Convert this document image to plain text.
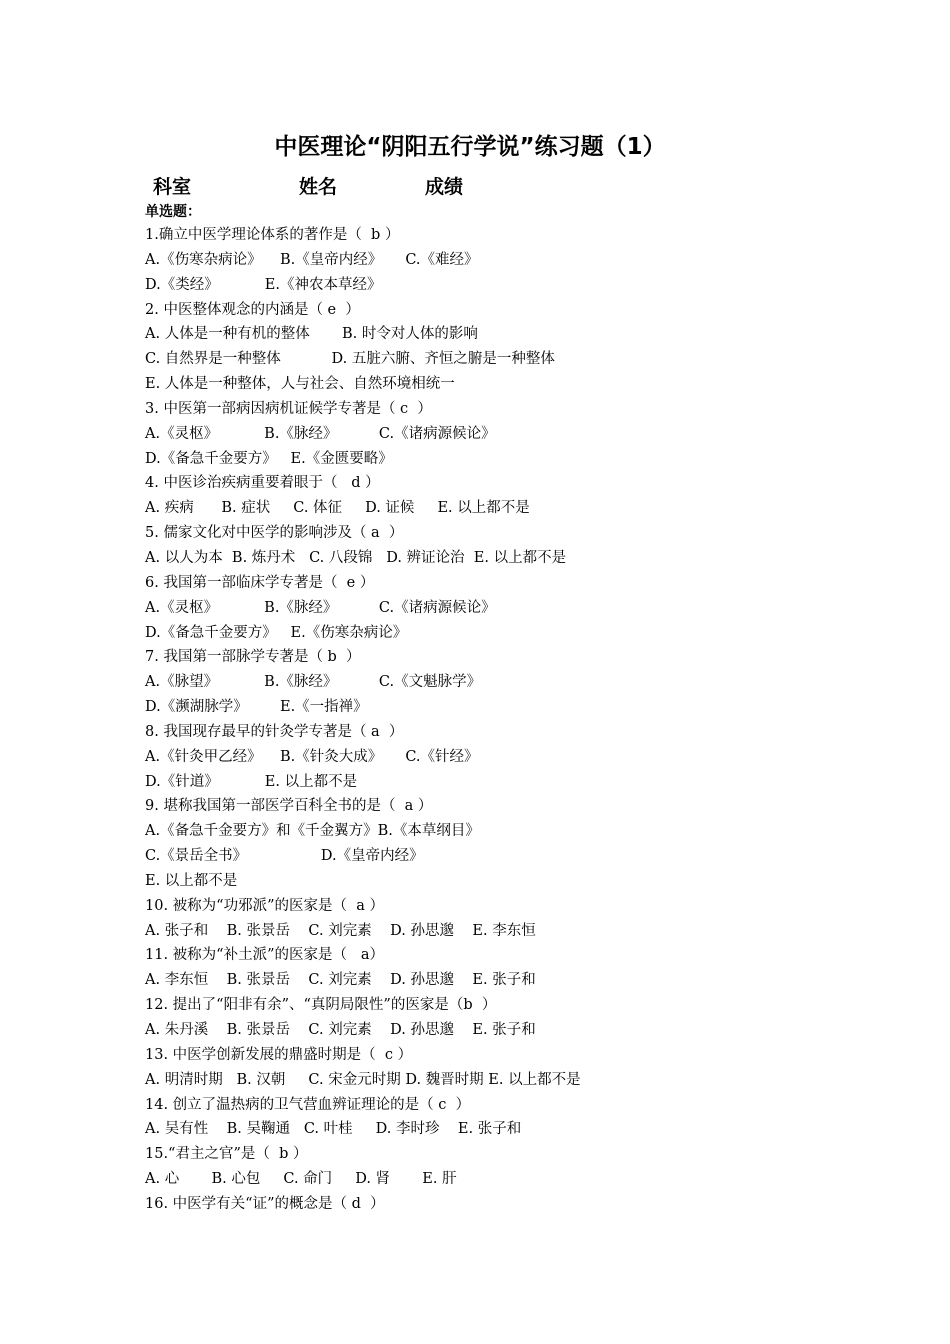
中医理论“阴阳五行学说”练习题（1）
科室	姓名	成绩
单选题：
1.确立中医学理论体系的著作是（  b ）
A.《伤寒杂病论》    B.《皇帝内经》     C.《难经》
D.《类经》          E.《神农本草经》
2. 中医整体观念的内涵是（ e  ）
A. 人体是一种有机的整体       B. 时令对人体的影响
C. 自然界是一种整体           D. 五脏六腑、齐恒之腑是一种整体
E. 人体是一种整体，人与社会、自然环境相统一
3. 中医第一部病因病机证候学专著是（ c  ）
A.《灵枢》          B.《脉经》         C.《诸病源候论》
D.《备急千金要方》   E.《金匮要略》
4. 中医诊治疾病重要着眼于（   d ）
A. 疾病      B. 症状     C. 体征     D. 证候     E. 以上都不是
5. 儒家文化对中医学的影响涉及（ a  ）
A. 以人为本  B. 炼丹术   C. 八段锦   D. 辨证论治  E. 以上都不是
6. 我国第一部临床学专著是（  e ）
A.《灵枢》          B.《脉经》         C.《诸病源候论》
D.《备急千金要方》   E.《伤寒杂病论》
7. 我国第一部脉学专著是（ b  ）
A.《脉望》          B.《脉经》         C.《文魁脉学》
D.《濒湖脉学》       E.《一指禅》
8. 我国现存最早的针灸学专著是（ a  ）
A.《针灸甲乙经》    B.《针灸大成》     C.《针经》
D.《针道》          E. 以上都不是
9. 堪称我国第一部医学百科全书的是（  a ）
A.《备急千金要方》和《千金翼方》B.《本草纲目》
C.《景岳全书》                D.《皇帝内经》
E. 以上都不是
10. 被称为“功邪派”的医家是（  a ）
A. 张子和    B. 张景岳    C. 刘完素    D. 孙思邈    E. 李东恒
11. 被称为“补土派”的医家是（   a）
A. 李东恒    B. 张景岳    C. 刘完素    D. 孙思邈    E. 张子和
12. 提出了“阳非有余”、“真阴局限性”的医家是（b  ）
A. 朱丹溪    B. 张景岳    C. 刘完素    D. 孙思邈    E. 张子和
13. 中医学创新发展的鼎盛时期是（  c ）
A. 明清时期   B. 汉朝     C. 宋金元时期 D. 魏晋时期 E. 以上都不是
14. 创立了温热病的卫气营血辨证理论的是（ c  ）
A. 吴有性    B. 吴鞠通   C. 叶桂     D. 李时珍    E. 张子和
15.“君主之官”是（  b ）
A. 心       B. 心包     C. 命门     D. 肾       E. 肝
16. 中医学有关“证”的概念是（ d  ）
